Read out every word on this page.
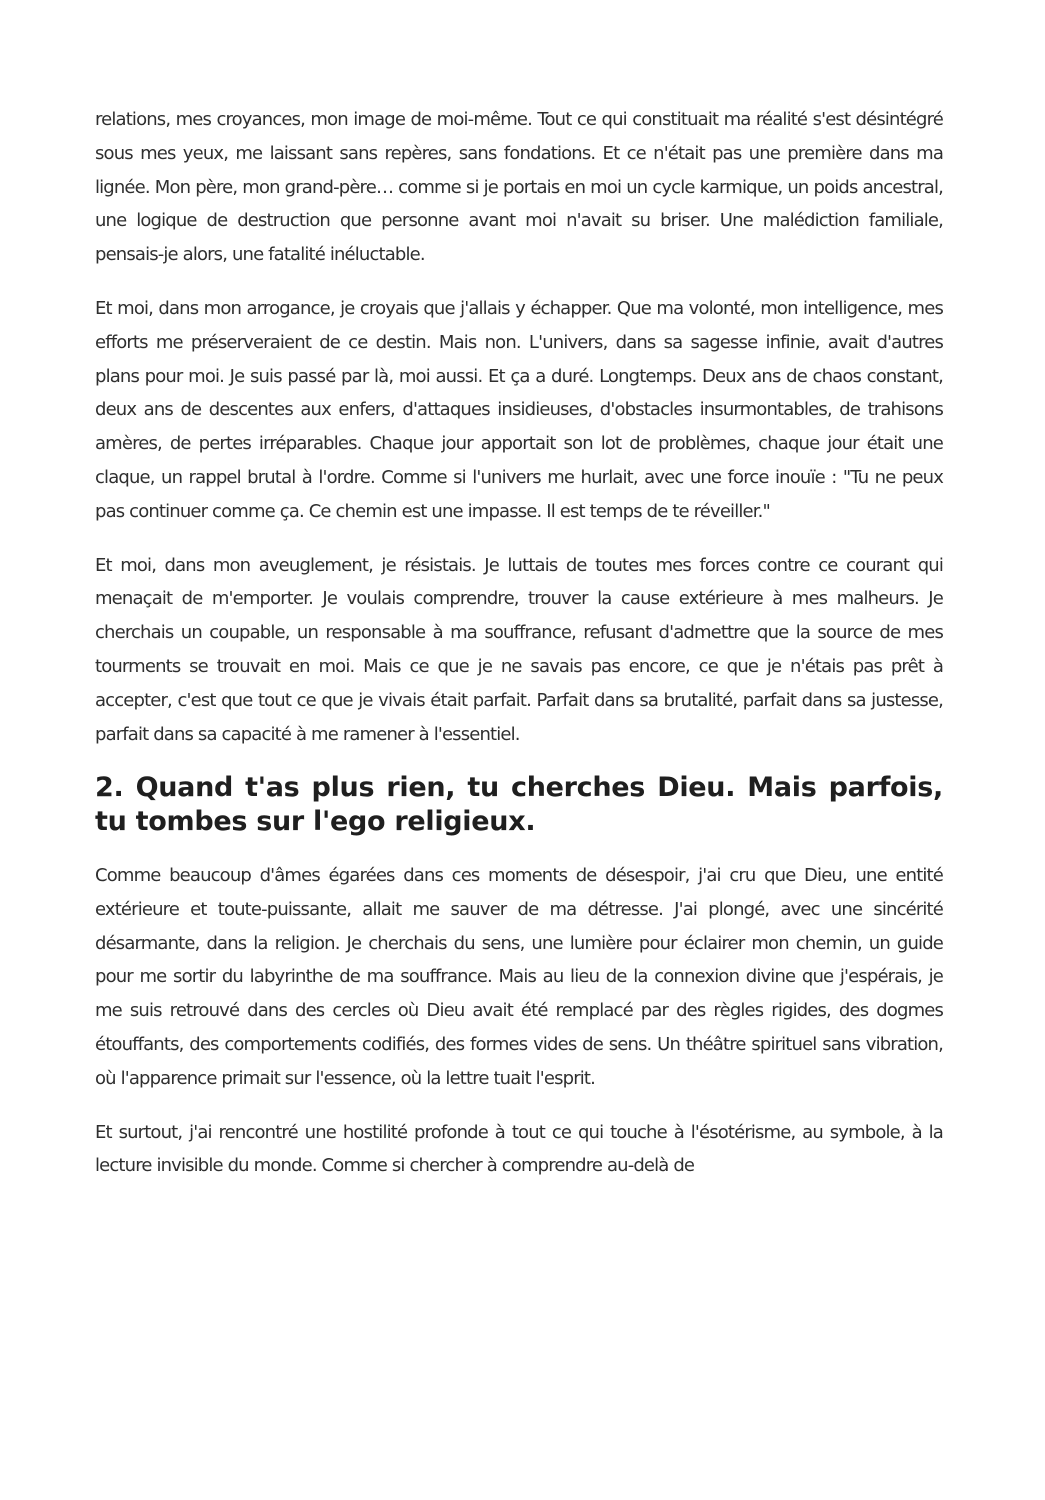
relations, mes croyances, mon image de moi-même. Tout ce qui constituait ma réalité s'est désintégré sous mes yeux, me laissant sans repères, sans fondations. Et ce n'était pas une première dans ma lignée. Mon père, mon grand-père… comme si je portais en moi un cycle karmique, un poids ancestral, une logique de destruction que personne avant moi n'avait su briser. Une malédiction familiale, pensais-je alors, une fatalité inéluctable.

Et moi, dans mon arrogance, je croyais que j'allais y échapper. Que ma volonté, mon intelligence, mes efforts me préserveraient de ce destin. Mais non. L'univers, dans sa sagesse infinie, avait d'autres plans pour moi. Je suis passé par là, moi aussi. Et ça a duré. Longtemps. Deux ans de chaos constant, deux ans de descentes aux enfers, d'attaques insidieuses, d'obstacles insurmontables, de trahisons amères, de pertes irréparables. Chaque jour apportait son lot de problèmes, chaque jour était une claque, un rappel brutal à l'ordre. Comme si l'univers me hurlait, avec une force inouïe : "Tu ne peux pas continuer comme ça. Ce chemin est une impasse. Il est temps de te réveiller."

Et moi, dans mon aveuglement, je résistais. Je luttais de toutes mes forces contre ce courant qui menaçait de m'emporter. Je voulais comprendre, trouver la cause extérieure à mes malheurs. Je cherchais un coupable, un responsable à ma souffrance, refusant d'admettre que la source de mes tourments se trouvait en moi. Mais ce que je ne savais pas encore, ce que je n'étais pas prêt à accepter, c'est que tout ce que je vivais était parfait. Parfait dans sa brutalité, parfait dans sa justesse, parfait dans sa capacité à me ramener à l'essentiel.

2. Quand t'as plus rien, tu cherches Dieu. Mais parfois, tu tombes sur l'ego religieux.

Comme beaucoup d'âmes égarées dans ces moments de désespoir, j'ai cru que Dieu, une entité extérieure et toute-puissante, allait me sauver de ma détresse. J'ai plongé, avec une sincérité désarmante, dans la religion. Je cherchais du sens, une lumière pour éclairer mon chemin, un guide pour me sortir du labyrinthe de ma souffrance. Mais au lieu de la connexion divine que j'espérais, je me suis retrouvé dans des cercles où Dieu avait été remplacé par des règles rigides, des dogmes étouffants, des comportements codifiés, des formes vides de sens. Un théâtre spirituel sans vibration, où l'apparence primait sur l'essence, où la lettre tuait l'esprit.

Et surtout, j'ai rencontré une hostilité profonde à tout ce qui touche à l'ésotérisme, au symbole, à la lecture invisible du monde. Comme si chercher à comprendre au-delà de
